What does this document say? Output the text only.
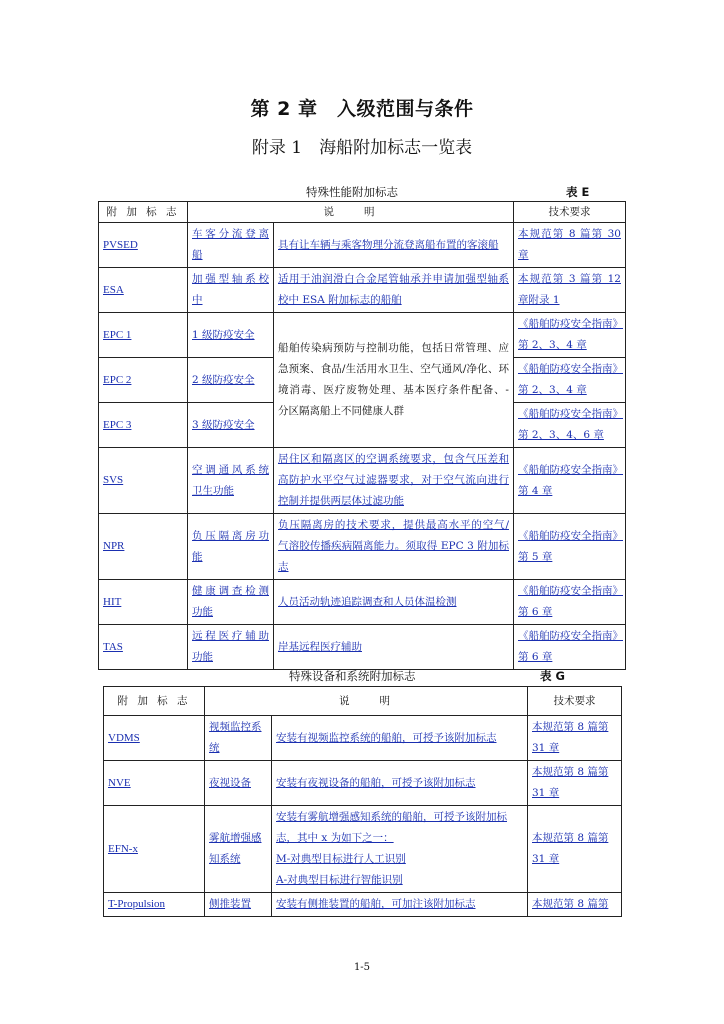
第 2 章　入级范围与条件
附录 1　海船附加标志一览表
特殊性能附加标志	表 E
附 加 标 志	说　　明		技术要求
PVSED	车客分流登离
船	具有让车辆与乘客物理分流登离船布置的客滚船	本规范第 8 篇第 30
章

ESA	加强型轴系校
中	适用于油润滑白合金尾管轴承并申请加强型轴系
校中 ESA 附加标志的船舶	本规范第 3 篇第 12
章附录 1

EPC 1	1 级防疫安全	船舶传染病预防与控制功能，包括日常管理、应
急预案、食品/生活用水卫生、空气通风/净化、环
境消毒、医疗废物处理、基本医疗条件配备、-
分区隔离船上不同健康人群	《船舶防疫安全指南》
第 2、3、4 章

EPC 2	2 级防疫安全		《船舶防疫安全指南》
第 2、3、4 章

EPC 3	3 级防疫安全		《船舶防疫安全指南》
第 2、3、4、6 章

SVS	空调通风系统
卫生功能	居住区和隔离区的空调系统要求，包含气压差和
高防护水平空气过滤器要求，对于空气流向进行
控制并提供两层体过滤功能	《船舶防疫安全指南》
第 4 章

NPR	负压隔离房功
能	负压隔离房的技术要求，提供最高水平的空气/
气溶胶传播疾病隔离能力。须取得 EPC 3 附加标
志	《船舶防疫安全指南》
第 5 章

HIT	健康调查检测
功能	人员活动轨迹追踪调查和人员体温检测	《船舶防疫安全指南》
第 6 章

TAS	远程医疗辅助
功能	岸基远程医疗辅助	《船舶防疫安全指南》
第 6 章
特殊设备和系统附加标志	表 G
附 加 标 志	说　　明		技术要求
VDMS	视频监控系
统	安装有视频监控系统的船舶，可授予该附加标志	本规范第 8 篇第
31 章

NVE	夜视设备	安装有夜视设备的船舶，可授予该附加标志	本规范第 8 篇第
31 章

EFN-x	雾航增强感
知系统	安装有雾航增强感知系统的船舶，可授予该附加标
志，其中 x 为如下之一：
M-对典型目标进行人工识别
A-对典型目标进行智能识别	本规范第 8 篇第
31 章

T-Propulsion	侧推装置	安装有侧推装置的船舶，可加注该附加标志	本规范第 8 篇第
1-5
